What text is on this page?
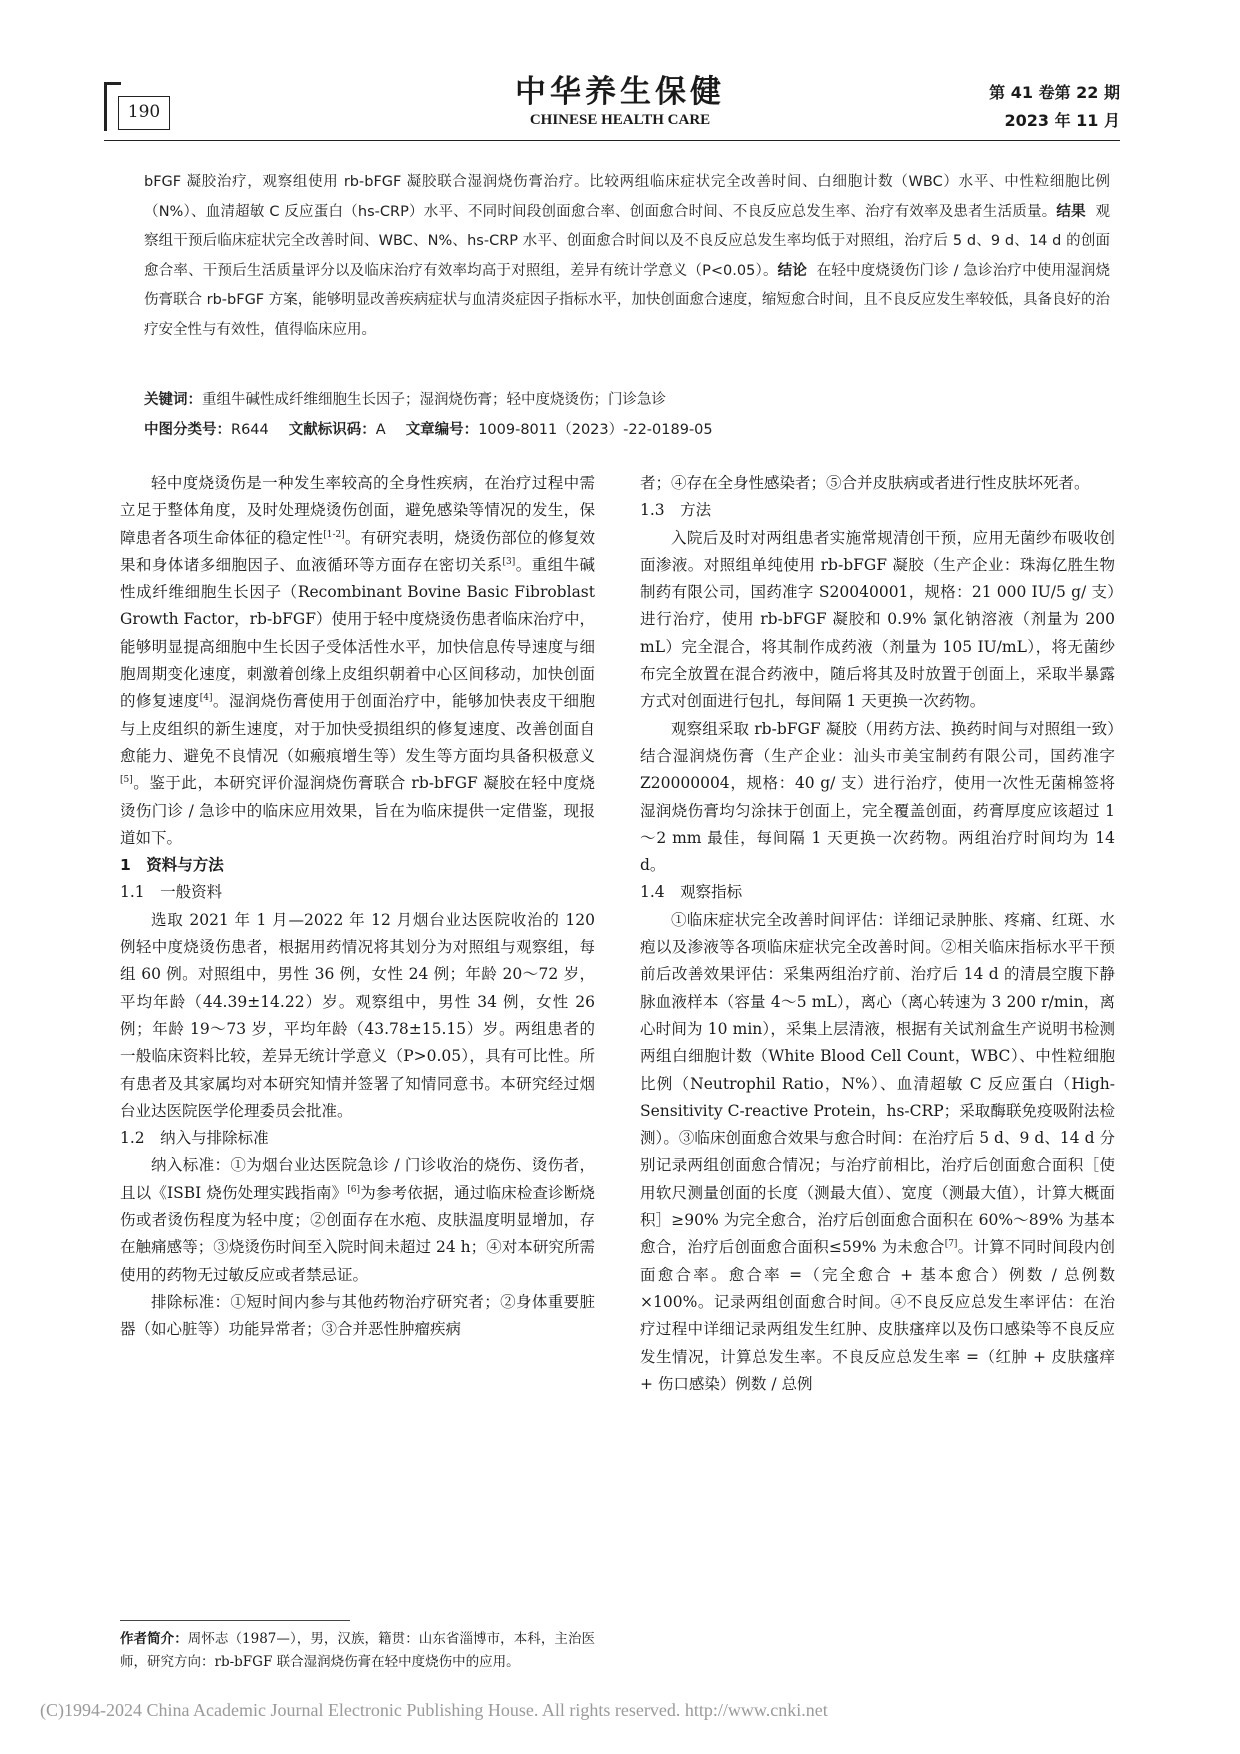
190
中华养生保健
CHINESE HEALTH CARE
第 41 卷第 22 期
2023 年 11 月
bFGF 凝胶治疗，观察组使用 rb-bFGF 凝胶联合湿润烧伤膏治疗。比较两组临床症状完全改善时间、白细胞计数（WBC）水平、中性粒细胞比例（N%）、血清超敏 C 反应蛋白（hs-CRP）水平、不同时间段创面愈合率、创面愈合时间、不良反应总发生率、治疗有效率及患者生活质量。结果 观察组干预后临床症状完全改善时间、WBC、N%、hs-CRP 水平、创面愈合时间以及不良反应总发生率均低于对照组，治疗后 5 d、9 d、14 d 的创面愈合率、干预后生活质量评分以及临床治疗有效率均高于对照组，差异有统计学意义（P<0.05）。结论 在轻中度烧烫伤门诊 / 急诊治疗中使用湿润烧伤膏联合 rb-bFGF 方案，能够明显改善疾病症状与血清炎症因子指标水平，加快创面愈合速度，缩短愈合时间，且不良反应发生率较低，具备良好的治疗安全性与有效性，值得临床应用。
关键词：重组牛碱性成纤维细胞生长因子；湿润烧伤膏；轻中度烧烫伤；门诊急诊
中图分类号：R644 文献标识码：A 文章编号：1009-8011（2023）-22-0189-05

轻中度烧烫伤是一种发生率较高的全身性疾病，在治疗过程中需立足于整体角度，及时处理烧烫伤创面，避免感染等情况的发生，保障患者各项生命体征的稳定性[1-2]。有研究表明，烧烫伤部位的修复效果和身体诸多细胞因子、血液循环等方面存在密切关系[3]。重组牛碱性成纤维细胞生长因子（Recombinant Bovine Basic Fibroblast Growth Factor，rb-bFGF）使用于轻中度烧烫伤患者临床治疗中，能够明显提高细胞中生长因子受体活性水平，加快信息传导速度与细胞周期变化速度，刺激着创缘上皮组织朝着中心区间移动，加快创面的修复速度[4]。湿润烧伤膏使用于创面治疗中，能够加快表皮干细胞与上皮组织的新生速度，对于加快受损组织的修复速度、改善创面自愈能力、避免不良情况（如瘢痕增生等）发生等方面均具备积极意义[5]。鉴于此，本研究评价湿润烧伤膏联合 rb-bFGF 凝胶在轻中度烧烫伤门诊 / 急诊中的临床应用效果，旨在为临床提供一定借鉴，现报道如下。

1　资料与方法
1.1　一般资料

选取 2021 年 1 月—2022 年 12 月烟台业达医院收治的 120 例轻中度烧烫伤患者，根据用药情况将其划分为对照组与观察组，每组 60 例。对照组中，男性 36 例，女性 24 例；年龄 20～72 岁，平均年龄（44.39±14.22）岁。观察组中，男性 34 例，女性 26 例；年龄 19～73 岁，平均年龄（43.78±15.15）岁。两组患者的一般临床资料比较，差异无统计学意义（P>0.05），具有可比性。所有患者及其家属均对本研究知情并签署了知情同意书。本研究经过烟台业达医院医学伦理委员会批准。

1.2　纳入与排除标准

纳入标准：①为烟台业达医院急诊 / 门诊收治的烧伤、烫伤者，且以《ISBI 烧伤处理实践指南》[6]为参考依据，通过临床检查诊断烧伤或者烫伤程度为轻中度；②创面存在水疱、皮肤温度明显增加，存在触痛感等；③烧烫伤时间至入院时间未超过 24 h；④对本研究所需使用的药物无过敏反应或者禁忌证。

排除标准：①短时间内参与其他药物治疗研究者；②身体重要脏器（如心脏等）功能异常者；③合并恶性肿瘤疾病

者；④存在全身性感染者；⑤合并皮肤病或者进行性皮肤坏死者。

1.3　方法

入院后及时对两组患者实施常规清创干预，应用无菌纱布吸收创面渗液。对照组单纯使用 rb-bFGF 凝胶（生产企业：珠海亿胜生物制药有限公司，国药准字 S20040001，规格：21 000 IU/5 g/ 支）进行治疗，使用 rb-bFGF 凝胶和 0.9% 氯化钠溶液（剂量为 200 mL）完全混合，将其制作成药液（剂量为 105 IU/mL），将无菌纱布完全放置在混合药液中，随后将其及时放置于创面上，采取半暴露方式对创面进行包扎，每间隔 1 天更换一次药物。

观察组采取 rb-bFGF 凝胶（用药方法、换药时间与对照组一致）结合湿润烧伤膏（生产企业：汕头市美宝制药有限公司，国药准字 Z20000004，规格：40 g/ 支）进行治疗，使用一次性无菌棉签将湿润烧伤膏均匀涂抹于创面上，完全覆盖创面，药膏厚度应该超过 1～2 mm 最佳，每间隔 1 天更换一次药物。两组治疗时间均为 14 d。

1.4　观察指标

①临床症状完全改善时间评估：详细记录肿胀、疼痛、红斑、水疱以及渗液等各项临床症状完全改善时间。②相关临床指标水平干预前后改善效果评估：采集两组治疗前、治疗后 14 d 的清晨空腹下静脉血液样本（容量 4～5 mL），离心（离心转速为 3 200 r/min，离心时间为 10 min），采集上层清液，根据有关试剂盒生产说明书检测两组白细胞计数（White Blood Cell Count，WBC）、中性粒细胞比例（Neutrophil Ratio，N%）、血清超敏 C 反应蛋白（High-Sensitivity C-reactive Protein，hs-CRP；采取酶联免疫吸附法检测）。③临床创面愈合效果与愈合时间：在治疗后 5 d、9 d、14 d 分别记录两组创面愈合情况；与治疗前相比，治疗后创面愈合面积［使用软尺测量创面的长度（测最大值）、宽度（测最大值），计算大概面积］≥90% 为完全愈合，治疗后创面愈合面积在 60%～89% 为基本愈合，治疗后创面愈合面积≤59% 为未愈合[7]。计算不同时间段内创面愈合率。愈合率 =（完全愈合 + 基本愈合）例数 / 总例数 ×100%。记录两组创面愈合时间。④不良反应总发生率评估：在治疗过程中详细记录两组发生红肿、皮肤瘙痒以及伤口感染等不良反应发生情况，计算总发生率。不良反应总发生率 =（红肿 + 皮肤瘙痒 + 伤口感染）例数 / 总例

作者简介：周怀志（1987—），男，汉族，籍贯：山东省淄博市，本科，主治医师，研究方向：rb-bFGF 联合湿润烧伤膏在轻中度烧伤中的应用。
(C)1994-2024 China Academic Journal Electronic Publishing House. All rights reserved. http://www.cnki.net
